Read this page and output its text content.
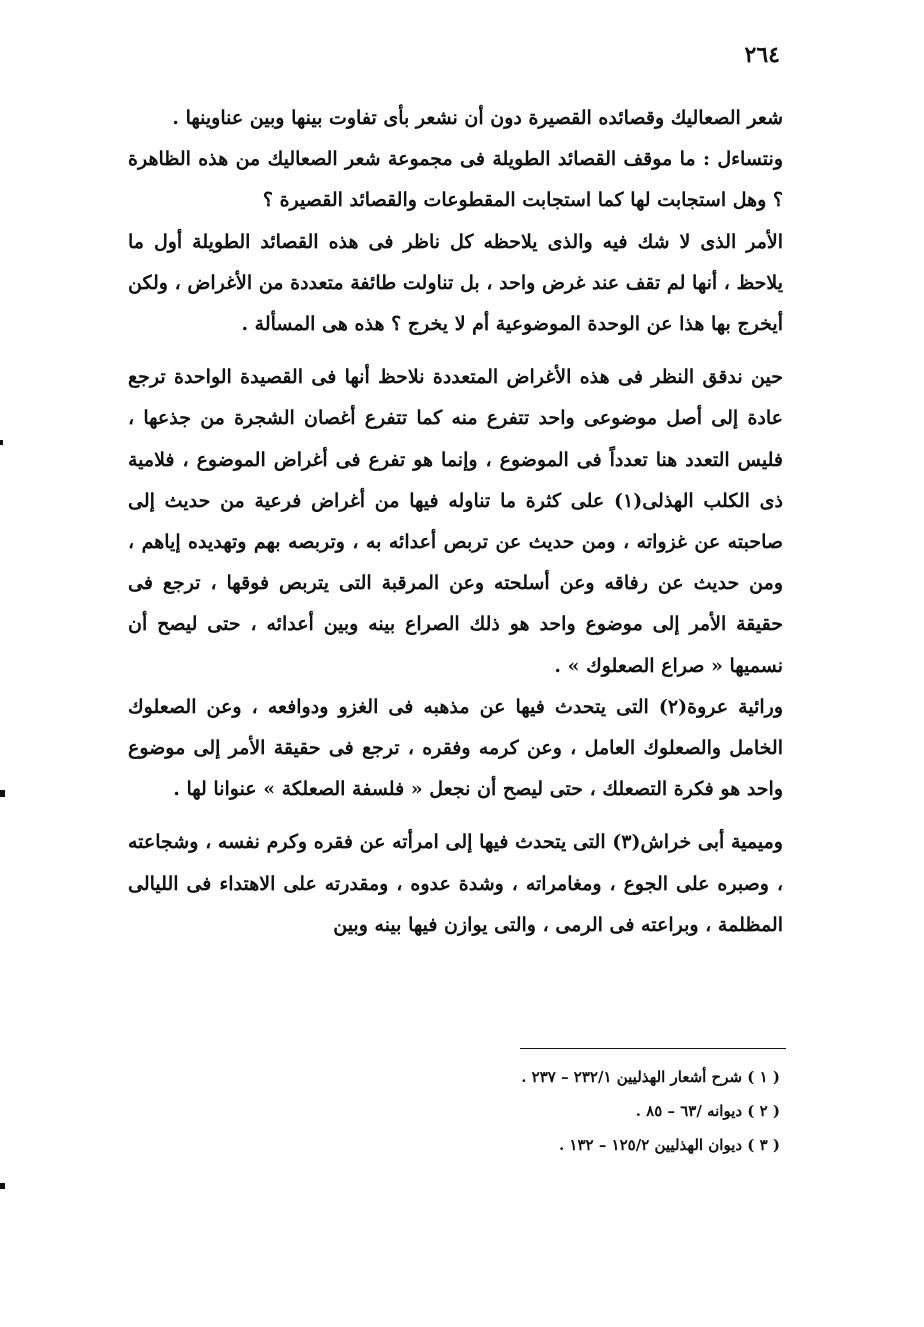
٢٦٤

شعر الصعاليك وقصائده القصيرة دون أن نشعر بأى تفاوت بينها وبين عناوينها .

ونتساءل : ما موقف القصائد الطويلة فى مجموعة شعر الصعاليك من هذه الظاهرة ؟ وهل استجابت لها كما استجابت المقطوعات والقصائد القصيرة ؟

الأمر الذى لا شك فيه والذى يلاحظه كل ناظر فى هذه القصائد الطويلة أول ما يلاحظ ، أنها لم تقف عند غرض واحد ، بل تناولت طائفة متعددة من الأغراض ، ولكن أيخرج بها هذا عن الوحدة الموضوعية أم لا يخرج ؟ هذه هى المسألة .

حين ندقق النظر فى هذه الأغراض المتعددة نلاحظ أنها فى القصيدة الواحدة ترجع عادة إلى أصل موضوعى واحد تتفرع منه كما تتفرع أغصان الشجرة من جذعها ، فليس التعدد هنا تعدداً فى الموضوع ، وإنما هو تفرع فى أغراض الموضوع ، فلامية ذى الكلب الهذلى(١) على كثرة ما تناوله فيها من أغراض فرعية من حديث إلى صاحبته عن غزواته ، ومن حديث عن تربص أعدائه به ، وتربصه بهم وتهديده إياهم ، ومن حديث عن رفاقه وعن أسلحته وعن المرقبة التى يتربص فوقها ، ترجع فى حقيقة الأمر إلى موضوع واحد هو ذلك الصراع بينه وبين أعدائه ، حتى ليصح أن نسميها « صراع الصعلوك » .

ورائية عروة(٢) التى يتحدث فيها عن مذهبه فى الغزو ودوافعه ، وعن الصعلوك الخامل والصعلوك العامل ، وعن كرمه وفقره ، ترجع فى حقيقة الأمر إلى موضوع واحد هو فكرة التصعلك ، حتى ليصح أن نجعل « فلسفة الصعلكة » عنوانا لها .

وميمية أبى خراش(٣) التى يتحدث فيها إلى امرأته عن فقره وكرم نفسه ، وشجاعته ، وصبره على الجوع ، ومغامراته ، وشدة عدوه ، ومقدرته على الاهتداء فى الليالى المظلمة ، وبراعته فى الرمى ، والتى يوازن فيها بينه وبين

( ١ ) شرح أشعار الهذليين ٢٣٢/١ – ٢٣٧ .

( ٢ ) ديوانه /٦٣ – ٨٥ .

( ٣ ) ديوان الهذليين ١٢٥/٢ – ١٣٢ .
